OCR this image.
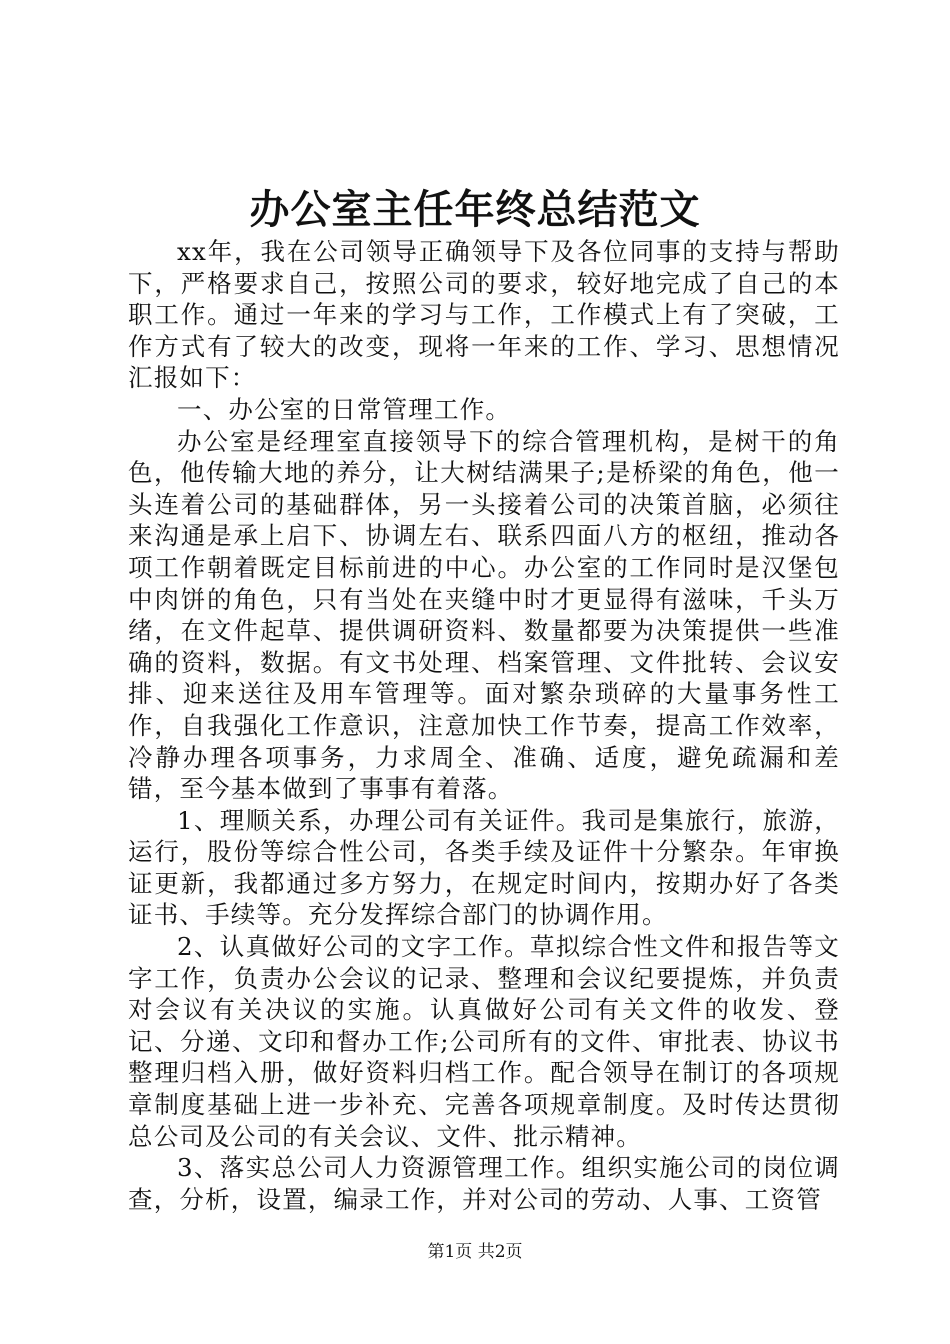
办公室主任年终总结范文

xx年，我在公司领导正确领导下及各位同事的支持与帮助下，严格要求自己，按照公司的要求，较好地完成了自己的本职工作。通过一年来的学习与工作，工作模式上有了突破，工作方式有了较大的改变，现将一年来的工作、学习、思想情况汇报如下：

一、办公室的日常管理工作。

办公室是经理室直接领导下的综合管理机构，是树干的角色，他传输大地的养分，让大树结满果子;是桥梁的角色，他一头连着公司的基础群体，另一头接着公司的决策首脑，必须往来沟通是承上启下、协调左右、联系四面八方的枢纽，推动各项工作朝着既定目标前进的中心。办公室的工作同时是汉堡包中肉饼的角色，只有当处在夹缝中时才更显得有滋味，千头万绪，在文件起草、提供调研资料、数量都要为决策提供一些准确的资料，数据。有文书处理、档案管理、文件批转、会议安排、迎来送往及用车管理等。面对繁杂琐碎的大量事务性工作，自我强化工作意识，注意加快工作节奏，提高工作效率，冷静办理各项事务，力求周全、准确、适度，避免疏漏和差错，至今基本做到了事事有着落。

1、理顺关系，办理公司有关证件。我司是集旅行，旅游，运行，股份等综合性公司，各类手续及证件十分繁杂。年审换证更新，我都通过多方努力，在规定时间内，按期办好了各类证书、手续等。充分发挥综合部门的协调作用。

2、认真做好公司的文字工作。草拟综合性文件和报告等文字工作，负责办公会议的记录、整理和会议纪要提炼，并负责对会议有关决议的实施。认真做好公司有关文件的收发、登记、分递、文印和督办工作;公司所有的文件、审批表、协议书整理归档入册，做好资料归档工作。配合领导在制订的各项规章制度基础上进一步补充、完善各项规章制度。及时传达贯彻总公司及公司的有关会议、文件、批示精神。

3、落实总公司人力资源管理工作。组织实施公司的岗位调查，分析，设置，编录工作，并对公司的劳动、人事、工资管

第1页 共2页
